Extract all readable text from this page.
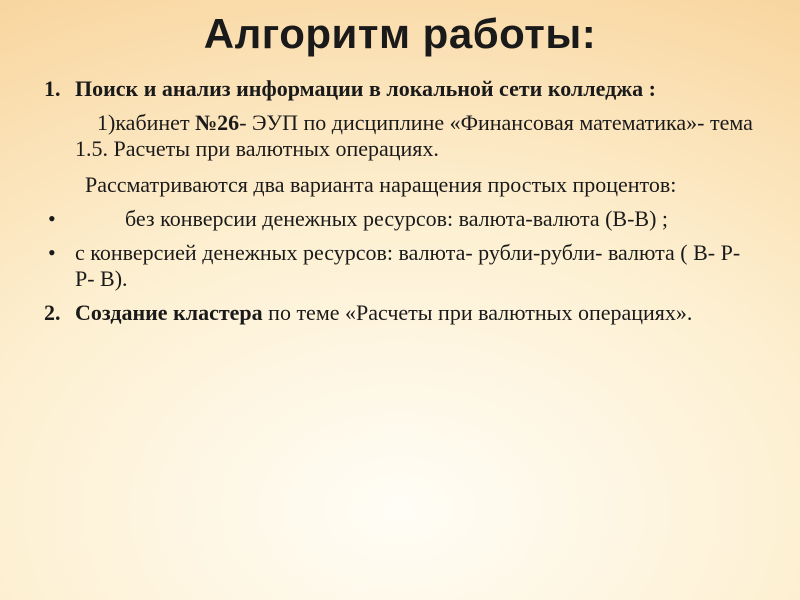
Алгоритм работы:
1. Поиск и анализ информации в локальной сети колледжа :
1)кабинет №26- ЭУП по дисциплине «Финансовая математика»- тема 1.5. Расчеты при валютных операциях.
Рассматриваются два варианта наращения простых процентов:
•	без конверсии денежных ресурсов: валюта-валюта (В-В) ;
• с конверсией денежных ресурсов: валюта- рубли-рубли- валюта ( В- Р- Р- В).
2. Создание кластера по теме «Расчеты при валютных операциях».
